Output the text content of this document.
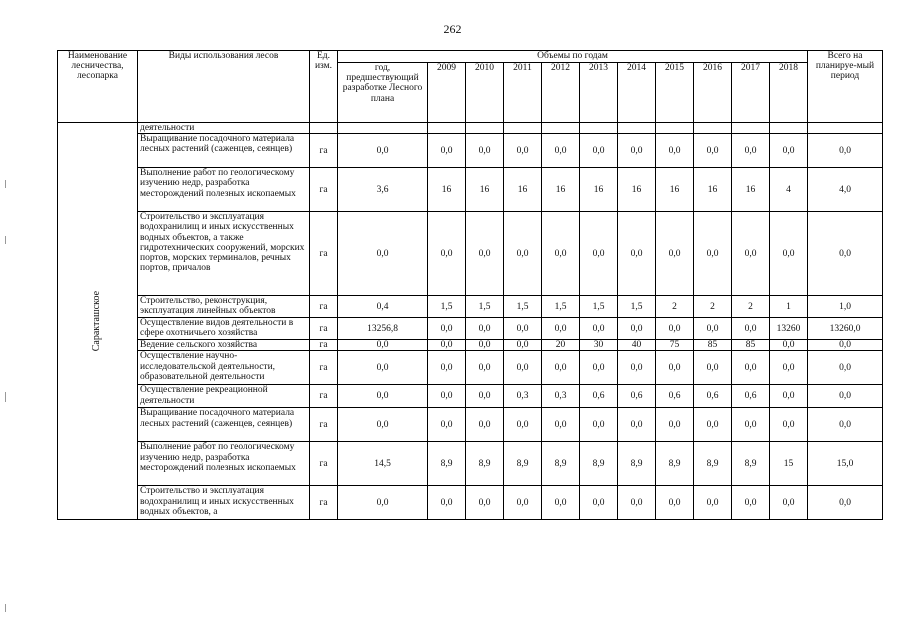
262
Наименование лесничества, лесопарка	Виды использования лесов	Ед. изм.	Объемы по годам											Всего на планируе-мый период
			год, предшествующий разработке Лесного плана	2009	2010	2011	2012	2013	2014	2015	2016	2017	2018	
Саракташское	деятельности													
	Выращивание посадочного материала лесных растений (саженцев, сеянцев)	га	0,0	0,0	0,0	0,0	0,0	0,0	0,0	0,0	0,0	0,0	0,0	0,0
	Выполнение работ по геологическому изучению недр, разработка месторождений полезных ископаемых	га	3,6	16	16	16	16	16	16	16	16	16	4	4,0
	Строительство и эксплуатация водохранилищ и иных искусственных водных объектов, а также гидротехнических сооружений, морских портов, морских терминалов, речных портов, причалов	га	0,0	0,0	0,0	0,0	0,0	0,0	0,0	0,0	0,0	0,0	0,0	0,0
	Строительство, реконструкция, эксплуатация линейных объектов	га	0,4	1,5	1,5	1,5	1,5	1,5	1,5	2	2	2	1	1,0
	Осуществление видов деятельности в сфере охотничьего хозяйства	га	13256,8	0,0	0,0	0,0	0,0	0,0	0,0	0,0	0,0	0,0	13260	13260,0
	Ведение сельского хозяйства	га	0,0	0,0	0,0	0,0	20	30	40	75	85	85	0,0	0,0
	Осуществление научно-исследовательской деятельности, образовательной деятельности	га	0,0	0,0	0,0	0,0	0,0	0,0	0,0	0,0	0,0	0,0	0,0	0,0
	Осуществление рекреационной деятельности	га	0,0	0,0	0,0	0,3	0,3	0,6	0,6	0,6	0,6	0,6	0,0	0,0
	Выращивание посадочного материала лесных растений (саженцев, сеянцев)	га	0,0	0,0	0,0	0,0	0,0	0,0	0,0	0,0	0,0	0,0	0,0	0,0
	Выполнение работ по геологическому изучению недр, разработка месторождений полезных ископаемых	га	14,5	8,9	8,9	8,9	8,9	8,9	8,9	8,9	8,9	8,9	15	15,0
	Строительство и эксплуатация водохранилищ и иных искусственных водных объектов, а	га	0,0	0,0	0,0	0,0	0,0	0,0	0,0	0,0	0,0	0,0	0,0	0,0
